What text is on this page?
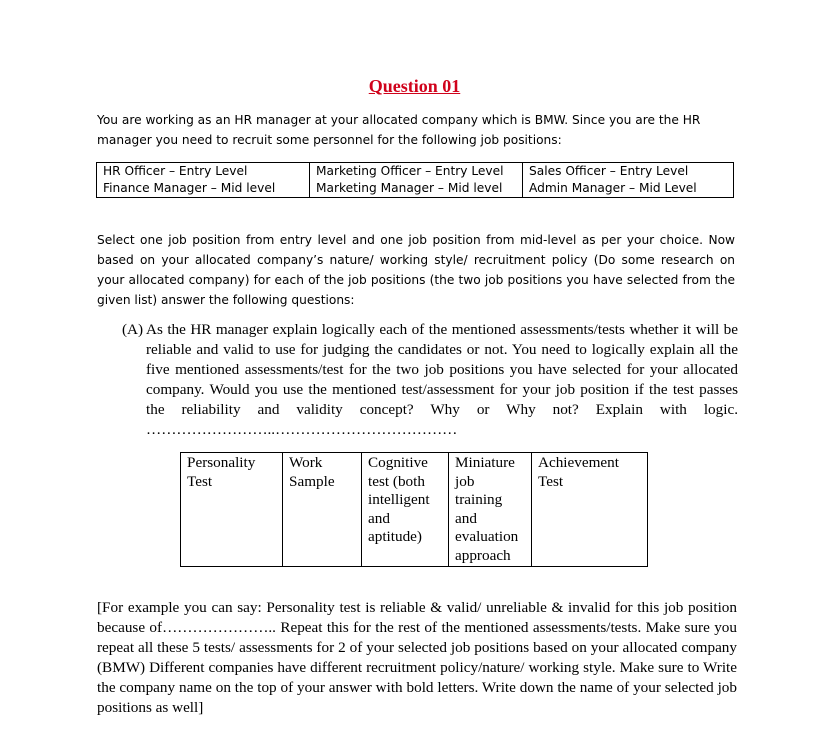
Question 01
You are working as an HR manager at your allocated company which is BMW. Since you are the HR manager you need to recruit some personnel for the following job positions:
HR Officer – Entry Level	Marketing Officer – Entry Level	Sales Officer – Entry Level
Finance Manager – Mid level	Marketing Manager – Mid level	Admin Manager – Mid Level
Select one job position from entry level and one job position from mid-level as per your choice. Now based on your allocated company’s nature/ working style/ recruitment policy (Do some research on your allocated company) for each of the job positions (the two job positions you have selected from the given list) answer the following questions:
(A) As the HR manager explain logically each of the mentioned assessments/tests whether it will be reliable and valid to use for judging the candidates or not. You need to logically explain all the five mentioned assessments/test for the two job positions you have selected for your allocated company. Would you use the mentioned test/assessment for your job position if the test passes the reliability and validity concept? Why or Why not? Explain with logic. ……………………..………………………………
Personality Test	Work Sample	Cognitive test (both intelligent and aptitude)	Miniature job training and evaluation approach	Achievement Test
[For example you can say: Personality test is reliable & valid/ unreliable & invalid for this job position because of………………….. Repeat this for the rest of the mentioned assessments/tests. Make sure you repeat all these 5 tests/ assessments for 2 of your selected job positions based on your allocated company (BMW) Different companies have different recruitment policy/nature/ working style. Make sure to Write the company name on the top of your answer with bold letters. Write down the name of your selected job positions as well]
